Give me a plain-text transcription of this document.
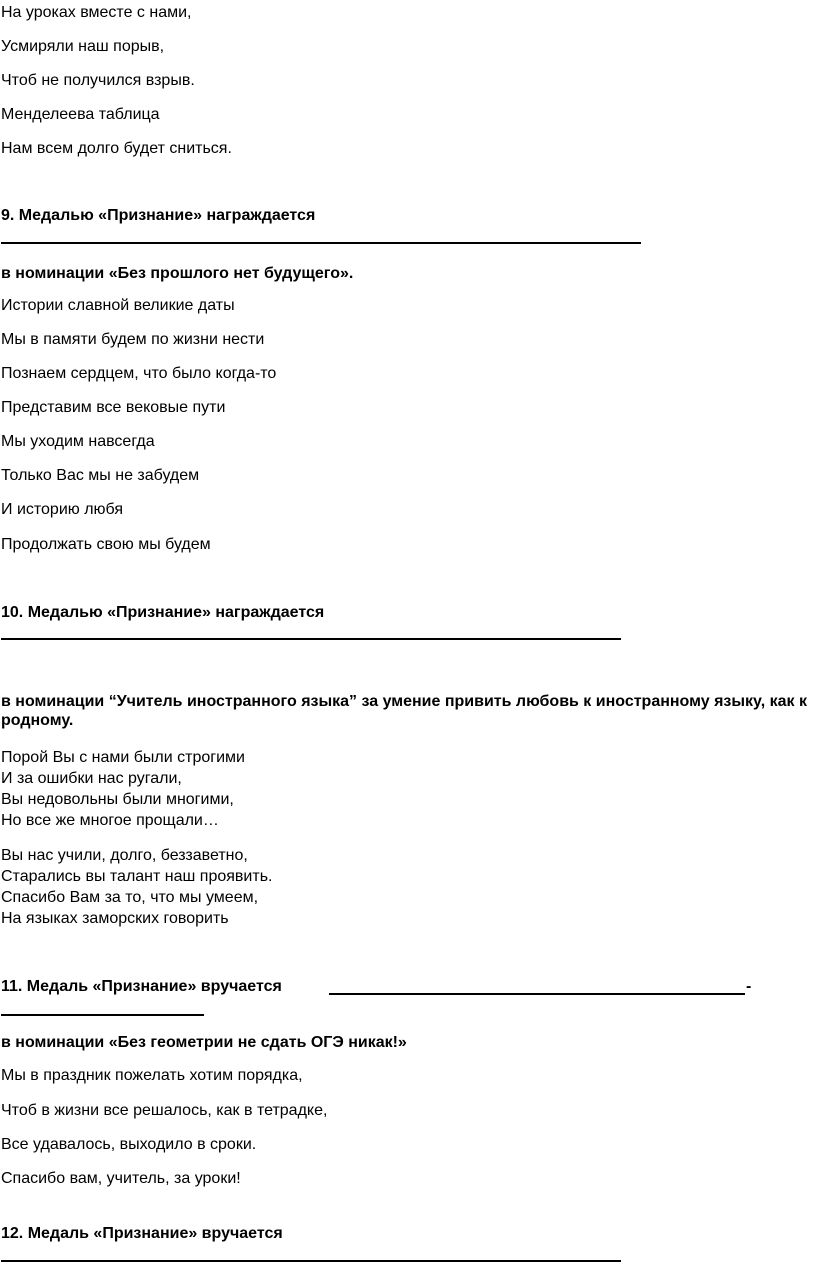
На уроках вместе с нами,

Усмиряли наш порыв,

Чтоб не получился взрыв.

Менделеева таблица

Нам всем долго будет сниться.

9. Медалью «Признание» награждается

в номинации «Без прошлого нет будущего».

Истории славной великие даты

Мы в памяти будем по жизни нести

Познаем сердцем, что было когда-то

Представим все вековые пути

Мы уходим навсегда

Только Вас мы не забудем

И историю любя

Продолжать свою мы будем

10. Медалью «Признание» награждается

в номинации “Учитель иностранного языка” за умение привить любовь к иностранному языку, как к родному.

Порой Вы с нами были строгими

И за ошибки нас ругали,

Вы недовольны были многими,

Но все же многое прощали…

Вы нас учили, долго, беззаветно,

Старались вы талант наш проявить.

Спасибо Вам за то, что мы умеем,

На языках заморских говорить

11. Медаль «Признание» вручается	-

в номинации «Без геометрии не сдать ОГЭ никак!»

Мы в праздник пожелать хотим порядка,

Чтоб в жизни все решалось, как в тетрадке,

Все удавалось, выходило в сроки.

Спасибо вам, учитель, за уроки!

12. Медаль «Признание» вручается
